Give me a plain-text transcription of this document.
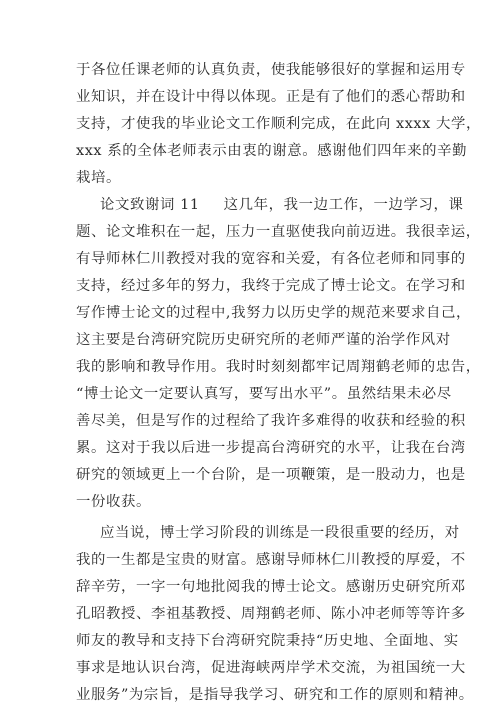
于各位任课老师的认真负责，使我能够很好的掌握和运用专
业知识，并在设计中得以体现。正是有了他们的悉心帮助和
支持，才使我的毕业论文工作顺利完成，在此向 xxxx 大学，
xxx 系的全体老师表示由衷的谢意。感谢他们四年来的辛勤
栽培。
论文致谢词 11 这几年，我一边工作，一边学习，课
题、论文堆积在一起，压力一直驱使我向前迈进。我很幸运，
有导师林仁川教授对我的宽容和关爱，有各位老师和同事的
支持，经过多年的努力，我终于完成了博士论文。在学习和
写作博士论文的过程中,我努力以历史学的规范来要求自己，
这主要是台湾研究院历史研究所的老师严谨的治学作风对
我的影响和教导作用。我时时刻刻都牢记周翔鹤老师的忠告，
“博士论文一定要认真写，要写出水平”。虽然结果未必尽
善尽美，但是写作的过程给了我许多难得的收获和经验的积
累。这对于我以后进一步提高台湾研究的水平，让我在台湾
研究的领域更上一个台阶，是一项鞭策，是一股动力，也是
一份收获。
应当说，博士学习阶段的训练是一段很重要的经历，对
我的一生都是宝贵的财富。感谢导师林仁川教授的厚爱，不
辞辛劳，一字一句地批阅我的博士论文。感谢历史研究所邓
孔昭教授、李祖基教授、周翔鹤老师、陈小冲老师等等许多
师友的教导和支持下台湾研究院秉持“历史地、全面地、实
事求是地认识台湾，促进海峡两岸学术交流，为祖国统一大
业服务”为宗旨，是指导我学习、研究和工作的原则和精神。
